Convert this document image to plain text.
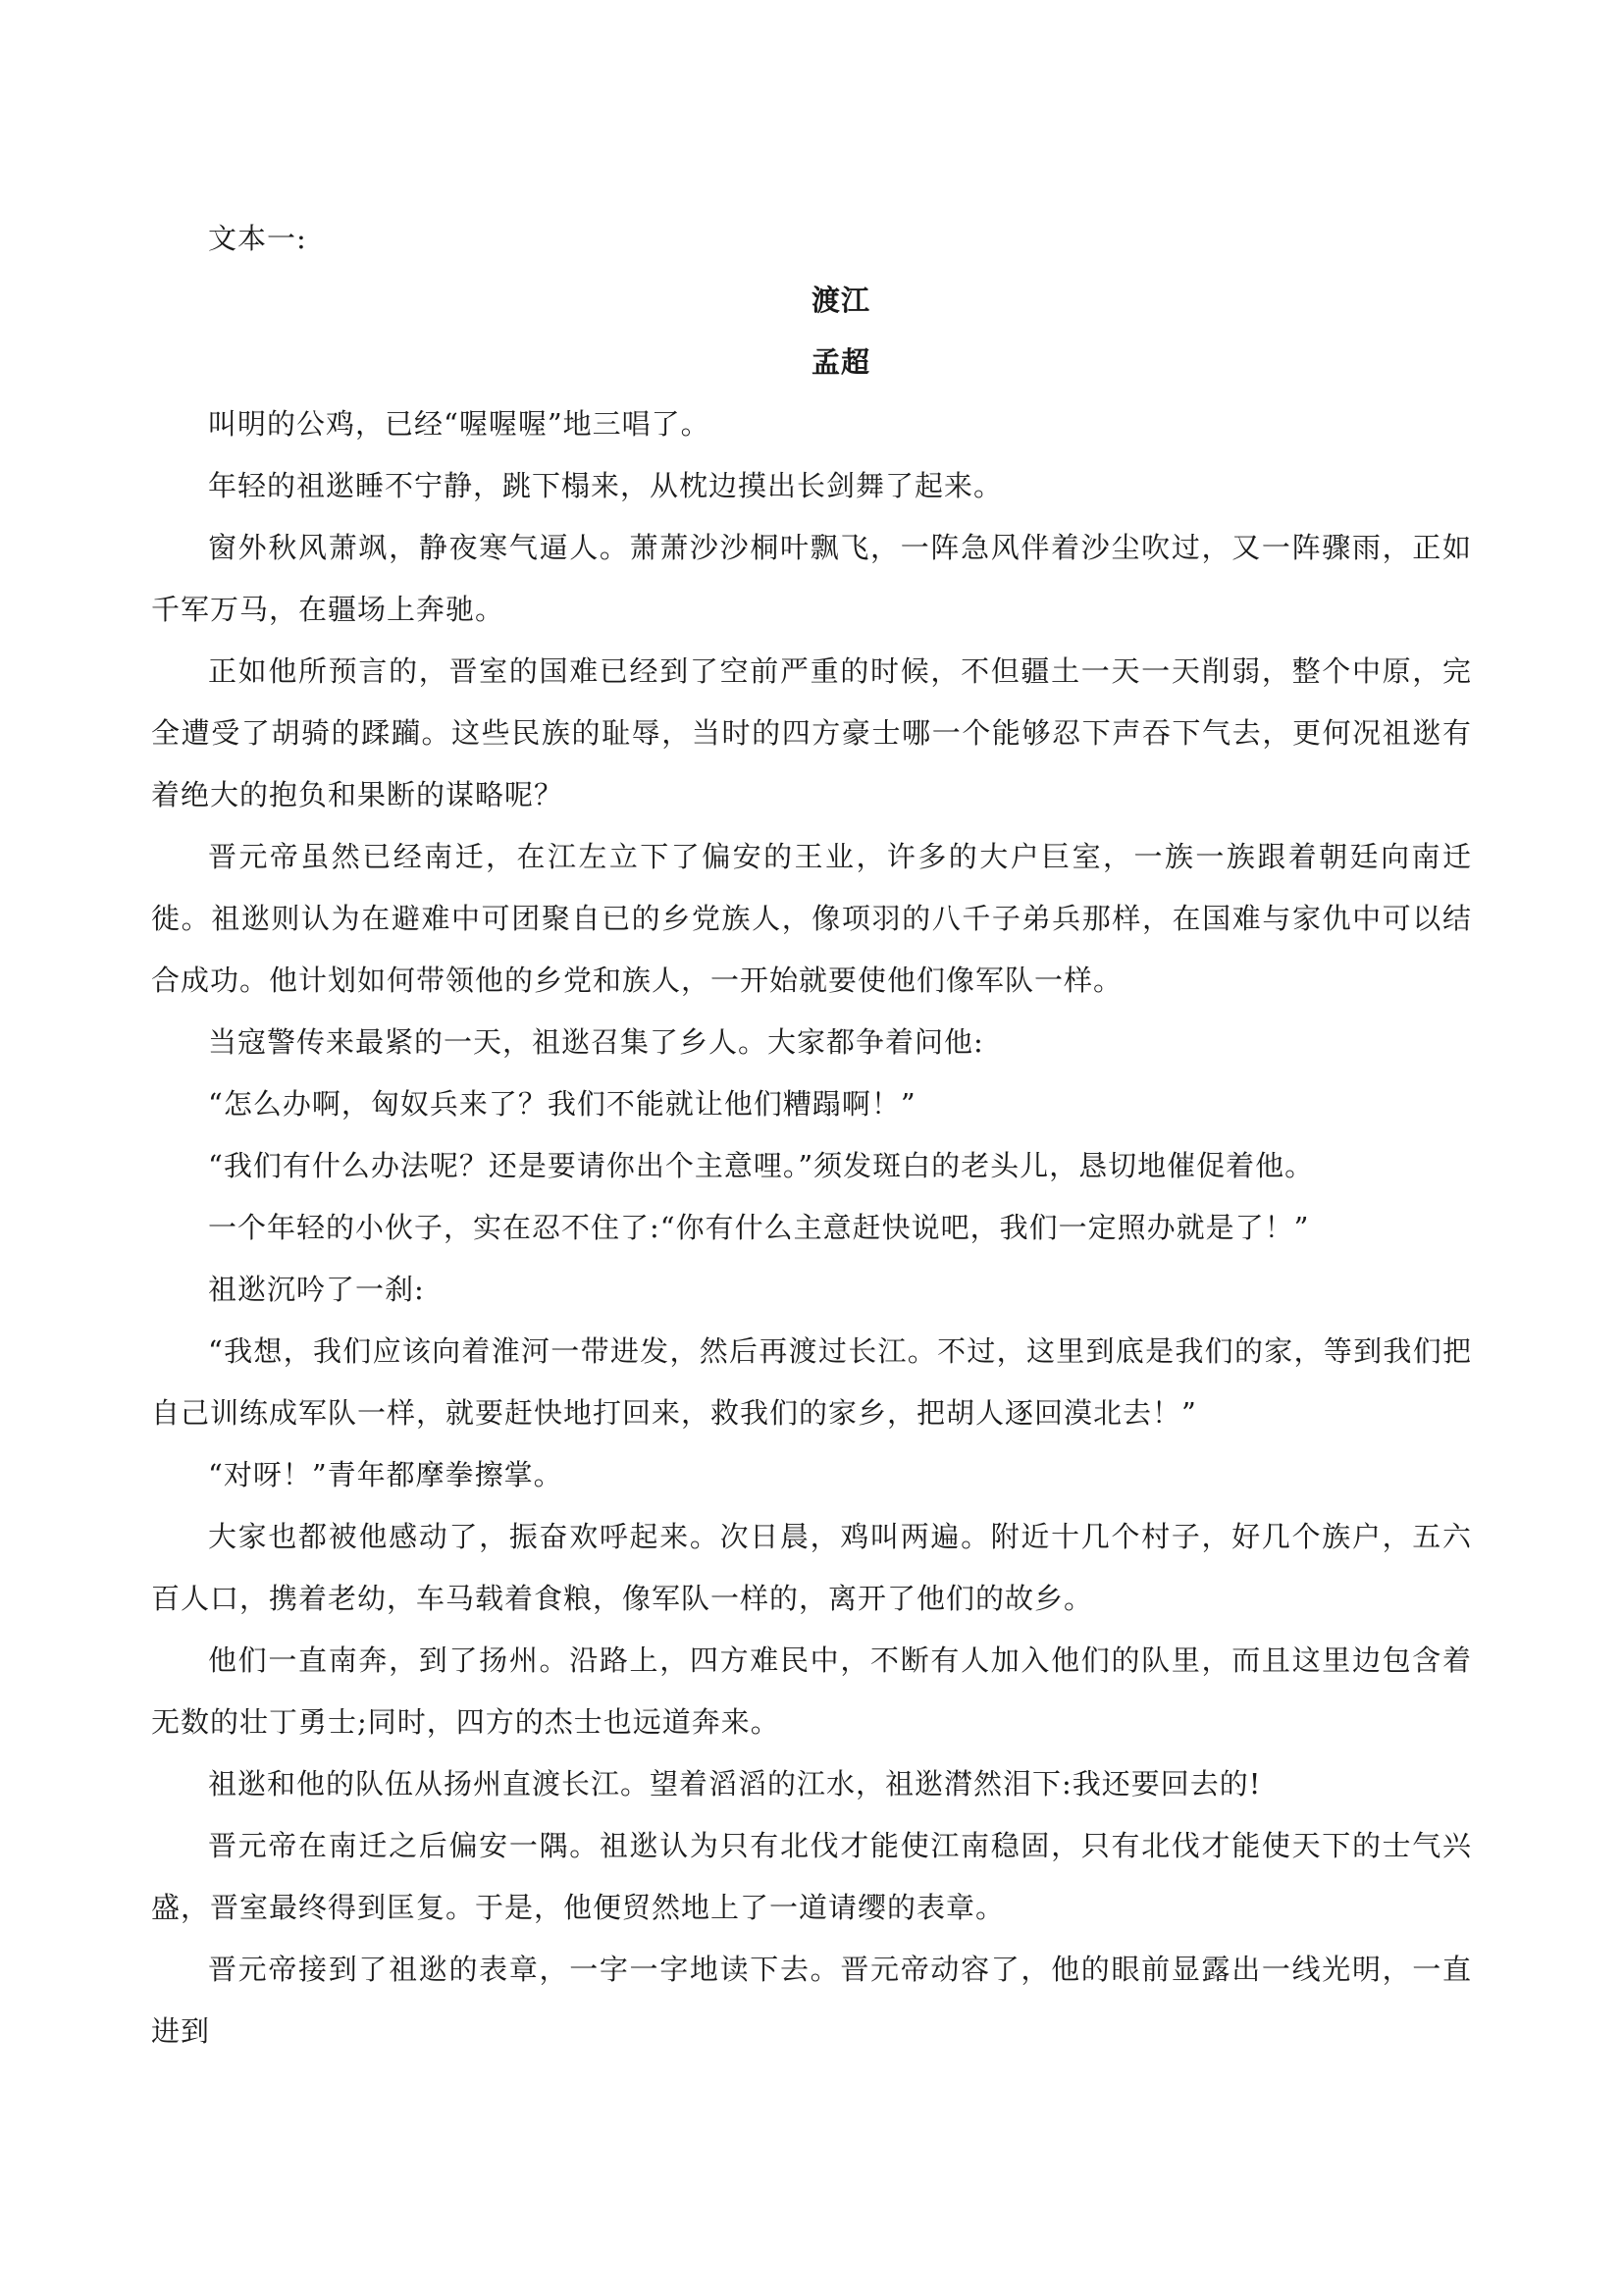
文本一:

渡江

孟超

叫明的公鸡，已经“喔喔喔”地三唱了。

年轻的祖逖睡不宁静，跳下榻来，从枕边摸出长剑舞了起来。

窗外秋风萧飒，静夜寒气逼人。萧萧沙沙桐叶飘飞，一阵急风伴着沙尘吹过，又一阵骤雨，正如千军万马，在疆场上奔驰。

正如他所预言的，晋室的国难已经到了空前严重的时候，不但疆土一天一天削弱，整个中原，完全遭受了胡骑的蹂躏。这些民族的耻辱，当时的四方豪士哪一个能够忍下声吞下气去，更何况祖逖有着绝大的抱负和果断的谋略呢？

晋元帝虽然已经南迁，在江左立下了偏安的王业，许多的大户巨室，一族一族跟着朝廷向南迁徙。祖逖则认为在避难中可团聚自已的乡党族人，像项羽的八千子弟兵那样，在国难与家仇中可以结合成功。他计划如何带领他的乡党和族人，一开始就要使他们像军队一样。

当寇警传来最紧的一天，祖逖召集了乡人。大家都争着问他:

“怎么办啊，匈奴兵来了？我们不能就让他们糟蹋啊！”

“我们有什么办法呢？还是要请你出个主意哩。”须发斑白的老头儿，恳切地催促着他。

一个年轻的小伙子，实在忍不住了:“你有什么主意赶快说吧，我们一定照办就是了！”

祖逖沉吟了一刹:

“我想，我们应该向着淮河一带进发，然后再渡过长江。不过，这里到底是我们的家，等到我们把自己训练成军队一样，就要赶快地打回来，救我们的家乡，把胡人逐回漠北去！”

“对呀！”青年都摩拳擦掌。

大家也都被他感动了，振奋欢呼起来。次日晨，鸡叫两遍。附近十几个村子，好几个族户，五六百人口，携着老幼，车马载着食粮，像军队一样的，离开了他们的故乡。

他们一直南奔，到了扬州。沿路上，四方难民中，不断有人加入他们的队里，而且这里边包含着无数的壮丁勇士;同时，四方的杰士也远道奔来。

祖逖和他的队伍从扬州直渡长江。望着滔滔的江水，祖逖潸然泪下:我还要回去的!

晋元帝在南迁之后偏安一隅。祖逖认为只有北伐才能使江南稳固，只有北伐才能使天下的士气兴盛，晋室最终得到匡复。于是，他便贸然地上了一道请缨的表章。

晋元帝接到了祖逖的表章，一字一字地读下去。晋元帝动容了，他的眼前显露出一线光明，一直进到
